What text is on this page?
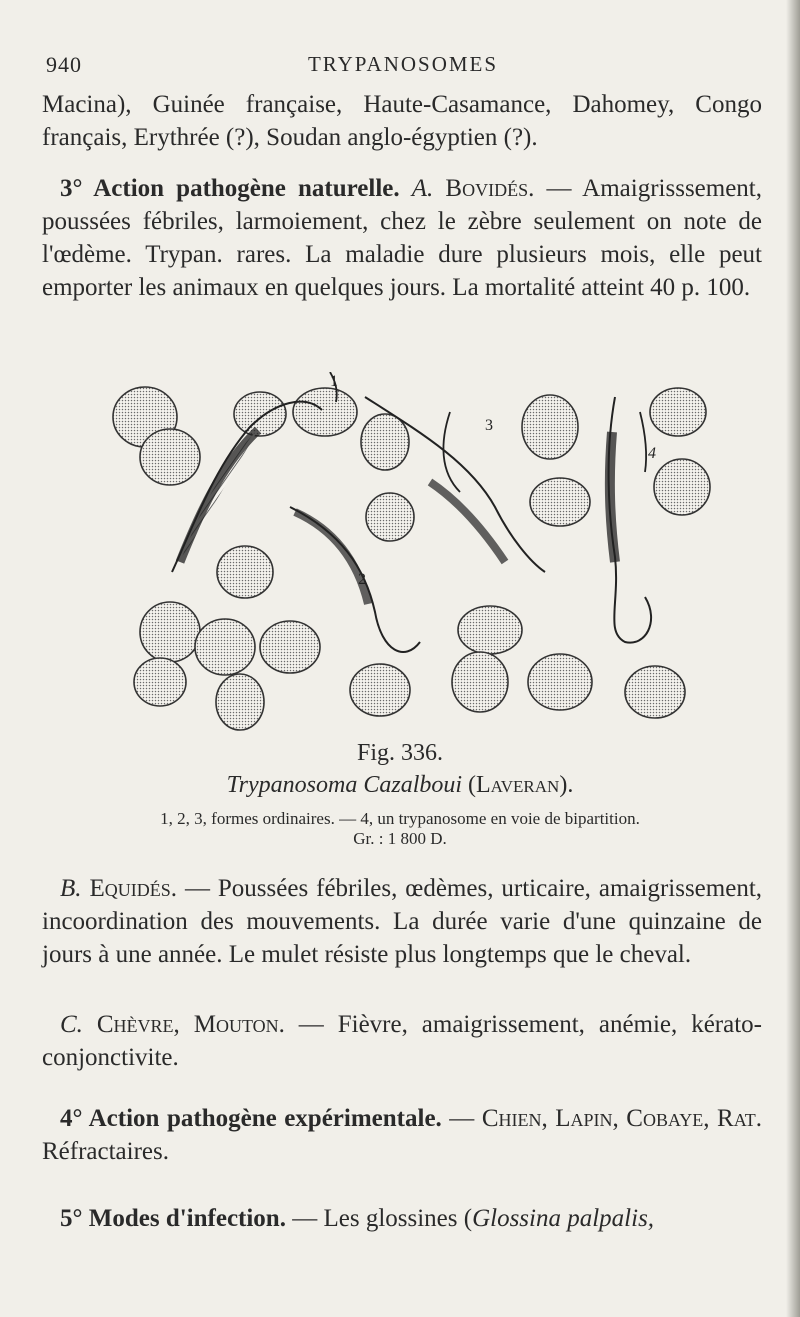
940	TRYPANOSOMES

Macina), Guinée française, Haute-Casamance, Dahomey, Congo français, Erythrée (?), Soudan anglo-égyptien (?).

3° Action pathogène naturelle. A. Bovidés. — Amaigrisssement, poussées fébriles, larmoiement, chez le zèbre seulement on note de l'œdème. Trypan. rares. La maladie dure plusieurs mois, elle peut emporter les animaux en quelques jours. La mortalité atteint 40 p. 100.

1
2
3
4
Fig. 336.
Trypanosoma Cazalboui (Laveran).
1, 2, 3, formes ordinaires. — 4, un trypanosome en voie de bipartition.
Gr. : 1 800 D.

B. Equidés. — Poussées fébriles, œdèmes, urticaire, amaigrissement, incoordination des mouvements. La durée varie d'une quinzaine de jours à une année. Le mulet résiste plus longtemps que le cheval.

C. Chèvre, Mouton. — Fièvre, amaigrissement, anémie, kérato-conjonctivite.

4° Action pathogène expérimentale. — Chien, Lapin, Cobaye, Rat. Réfractaires.

5° Modes d'infection. — Les glossines (Glossina palpalis,
